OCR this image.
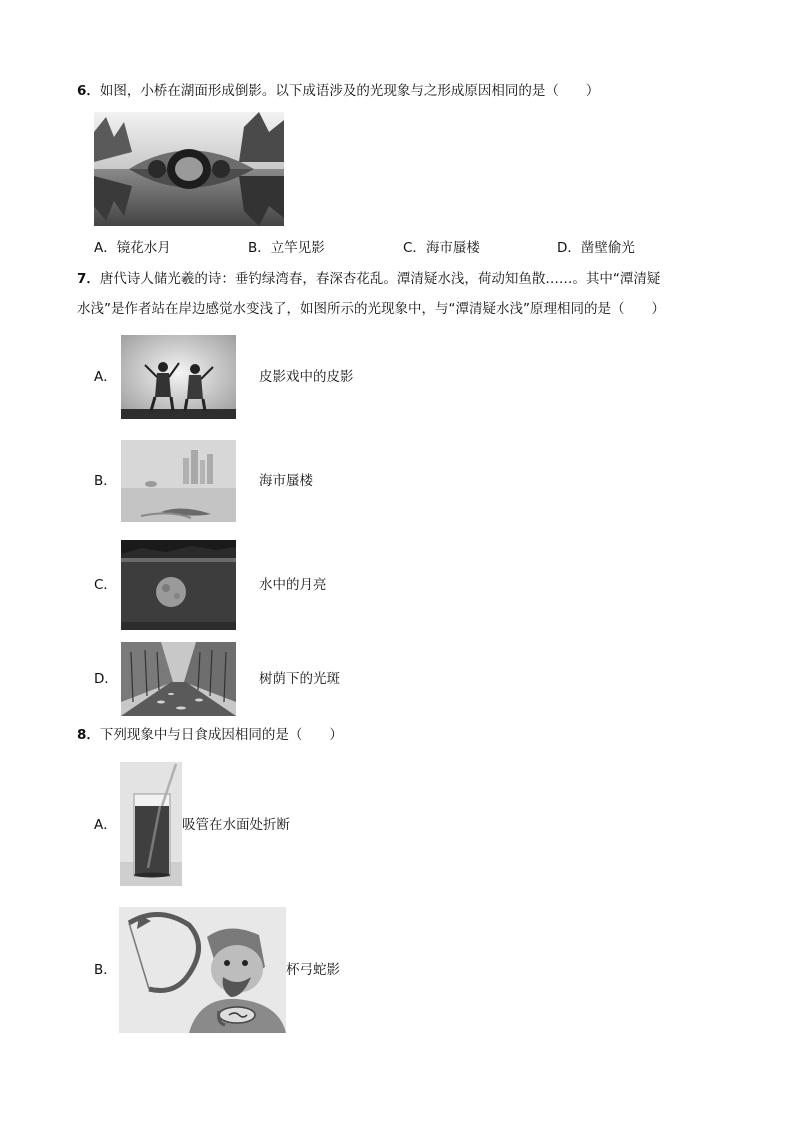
6．如图，小桥在湖面形成倒影。以下成语涉及的光现象与之形成原因相同的是（　　）
A．镜花水月	B．立竿见影	C．海市蜃楼	D．凿壁偷光
7．唐代诗人储光羲的诗：垂钓绿湾春，春深杏花乱。潭清疑水浅，荷动知鱼散……。其中“潭清疑
水浅”是作者站在岸边感觉水变浅了，如图所示的光现象中，与“潭清疑水浅”原理相同的是（　　）
A．	皮影戏中的皮影
B．	海市蜃楼
C．	水中的月亮
D．	树荫下的光斑
8．下列现象中与日食成因相同的是（　　）
A．	吸管在水面处折断
B．	杯弓蛇影
